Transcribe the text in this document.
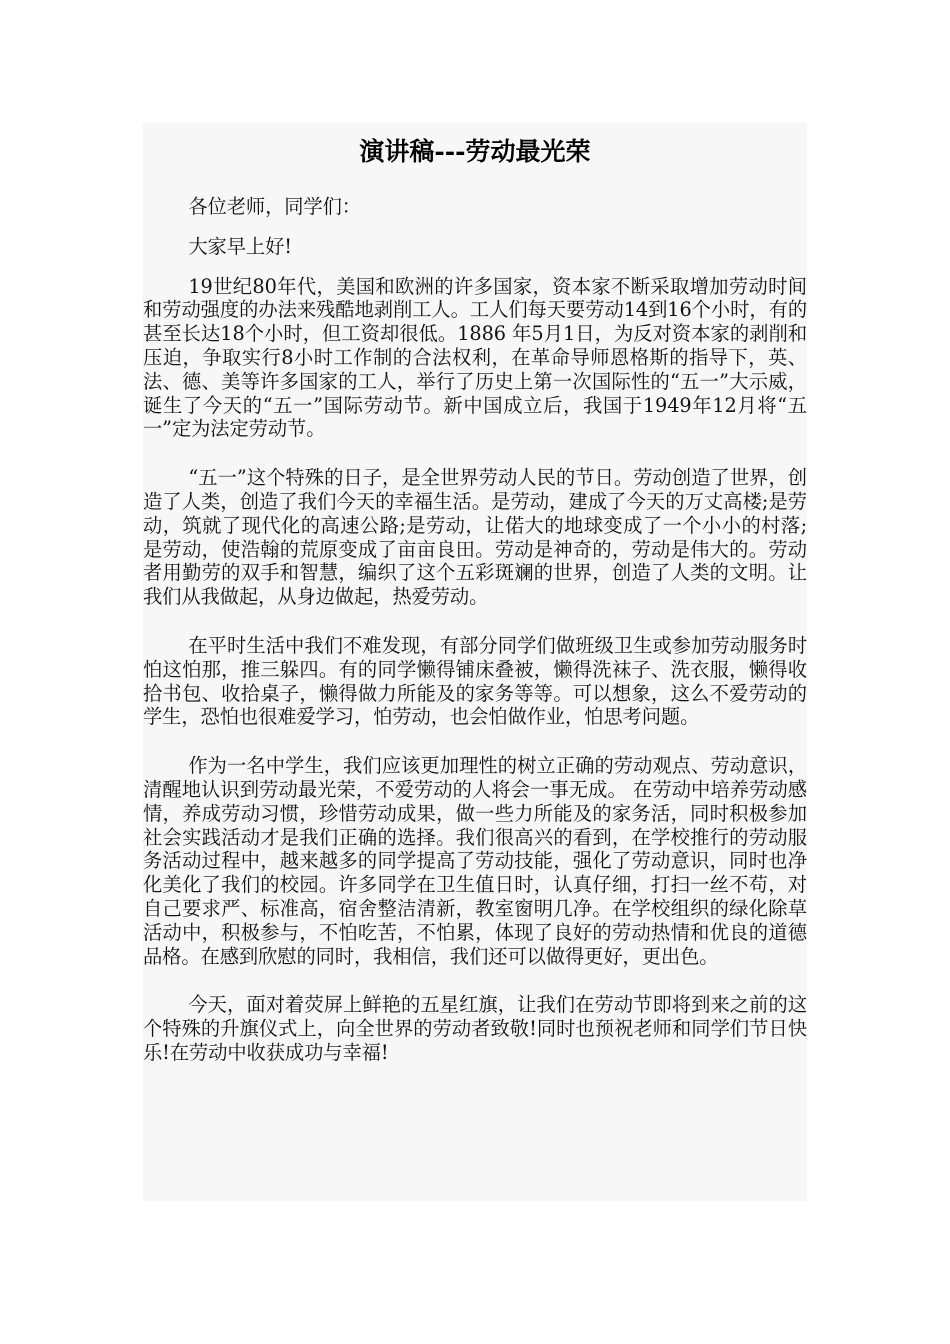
演讲稿---劳动最光荣

各位老师，同学们：

大家早上好!

19世纪80年代，美国和欧洲的许多国家，资本家不断采取增加劳动时间和劳动强度的办法来残酷地剥削工人。工人们每天要劳动14到16个小时，有的甚至长达18个小时，但工资却很低。1886 年5月1日，为反对资本家的剥削和压迫，争取实行8小时工作制的合法权利，在革命导师恩格斯的指导下，英、法、德、美等许多国家的工人，举行了历史上第一次国际性的“五一”大示威，诞生了今天的“五一”国际劳动节。新中国成立后，我国于1949年12月将“五一”定为法定劳动节。

“五一”这个特殊的日子，是全世界劳动人民的节日。劳动创造了世界，创造了人类，创造了我们今天的幸福生活。是劳动，建成了今天的万丈高楼;是劳动，筑就了现代化的高速公路;是劳动，让偌大的地球变成了一个小小的村落;是劳动，使浩翰的荒原变成了亩亩良田。劳动是神奇的，劳动是伟大的。劳动者用勤劳的双手和智慧，编织了这个五彩斑斓的世界，创造了人类的文明。让我们从我做起，从身边做起，热爱劳动。

在平时生活中我们不难发现，有部分同学们做班级卫生或参加劳动服务时怕这怕那，推三躲四。有的同学懒得铺床叠被，懒得洗袜子、洗衣服，懒得收拾书包、收拾桌子，懒得做力所能及的家务等等。可以想象，这么不爱劳动的学生，恐怕也很难爱学习，怕劳动，也会怕做作业，怕思考问题。

作为一名中学生，我们应该更加理性的树立正确的劳动观点、劳动意识，清醒地认识到劳动最光荣，不爱劳动的人将会一事无成。 在劳动中培养劳动感情，养成劳动习惯，珍惜劳动成果，做一些力所能及的家务活，同时积极参加社会实践活动才是我们正确的选择。我们很高兴的看到，在学校推行的劳动服务活动过程中，越来越多的同学提高了劳动技能，强化了劳动意识，同时也净化美化了我们的校园。许多同学在卫生值日时，认真仔细，打扫一丝不苟，对自己要求严、标准高，宿舍整洁清新，教室窗明几净。在学校组织的绿化除草活动中，积极参与，不怕吃苦，不怕累，体现了良好的劳动热情和优良的道德品格。在感到欣慰的同时，我相信，我们还可以做得更好，更出色。

今天，面对着荧屏上鲜艳的五星红旗，让我们在劳动节即将到来之前的这个特殊的升旗仪式上，向全世界的劳动者致敬!同时也预祝老师和同学们节日快乐!在劳动中收获成功与幸福!
